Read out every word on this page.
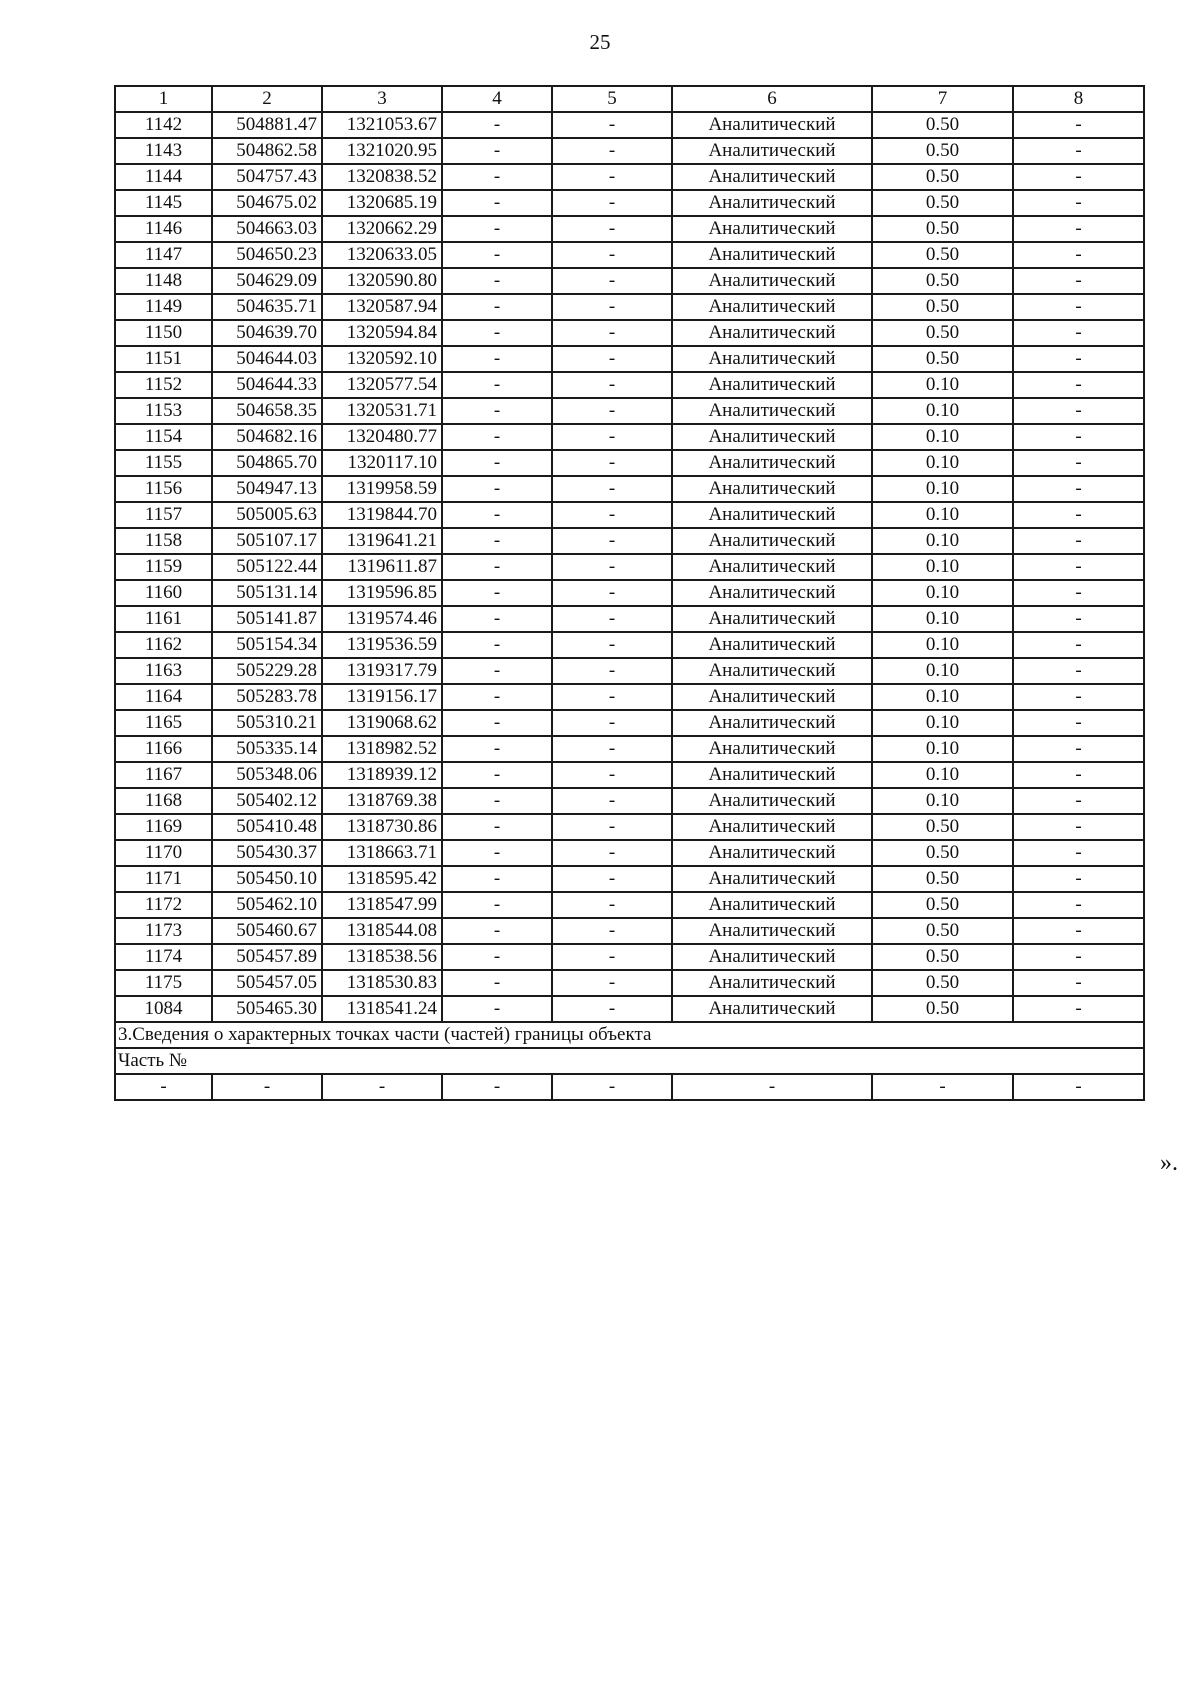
25
1	2	3	4	5	6	7	8
1142	504881.47	1321053.67	-	-	Аналитический	0.50	-
1143	504862.58	1321020.95	-	-	Аналитический	0.50	-
1144	504757.43	1320838.52	-	-	Аналитический	0.50	-
1145	504675.02	1320685.19	-	-	Аналитический	0.50	-
1146	504663.03	1320662.29	-	-	Аналитический	0.50	-
1147	504650.23	1320633.05	-	-	Аналитический	0.50	-
1148	504629.09	1320590.80	-	-	Аналитический	0.50	-
1149	504635.71	1320587.94	-	-	Аналитический	0.50	-
1150	504639.70	1320594.84	-	-	Аналитический	0.50	-
1151	504644.03	1320592.10	-	-	Аналитический	0.50	-
1152	504644.33	1320577.54	-	-	Аналитический	0.10	-
1153	504658.35	1320531.71	-	-	Аналитический	0.10	-
1154	504682.16	1320480.77	-	-	Аналитический	0.10	-
1155	504865.70	1320117.10	-	-	Аналитический	0.10	-
1156	504947.13	1319958.59	-	-	Аналитический	0.10	-
1157	505005.63	1319844.70	-	-	Аналитический	0.10	-
1158	505107.17	1319641.21	-	-	Аналитический	0.10	-
1159	505122.44	1319611.87	-	-	Аналитический	0.10	-
1160	505131.14	1319596.85	-	-	Аналитический	0.10	-
1161	505141.87	1319574.46	-	-	Аналитический	0.10	-
1162	505154.34	1319536.59	-	-	Аналитический	0.10	-
1163	505229.28	1319317.79	-	-	Аналитический	0.10	-
1164	505283.78	1319156.17	-	-	Аналитический	0.10	-
1165	505310.21	1319068.62	-	-	Аналитический	0.10	-
1166	505335.14	1318982.52	-	-	Аналитический	0.10	-
1167	505348.06	1318939.12	-	-	Аналитический	0.10	-
1168	505402.12	1318769.38	-	-	Аналитический	0.10	-
1169	505410.48	1318730.86	-	-	Аналитический	0.50	-
1170	505430.37	1318663.71	-	-	Аналитический	0.50	-
1171	505450.10	1318595.42	-	-	Аналитический	0.50	-
1172	505462.10	1318547.99	-	-	Аналитический	0.50	-
1173	505460.67	1318544.08	-	-	Аналитический	0.50	-
1174	505457.89	1318538.56	-	-	Аналитический	0.50	-
1175	505457.05	1318530.83	-	-	Аналитический	0.50	-
1084	505465.30	1318541.24	-	-	Аналитический	0.50	-
3.Сведения о характерных точках части (частей) границы объекта							
Часть №							
-	-	-	-	-	-	-	-
».
